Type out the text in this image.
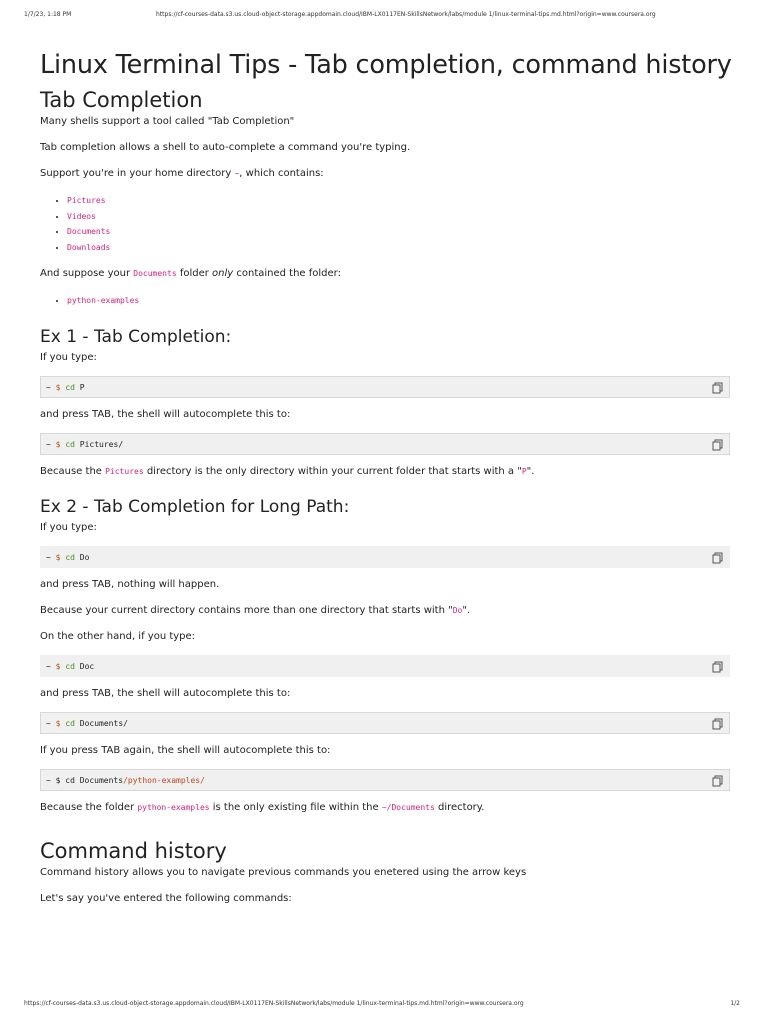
1/7/23, 1:18 PM	https://cf-courses-data.s3.us.cloud-object-storage.appdomain.cloud/IBM-LX0117EN-SkillsNetwork/labs/module 1/linux-terminal-tips.md.html?origin=www.coursera.org
Linux Terminal Tips - Tab completion, command history
Tab Completion

Many shells support a tool called "Tab Completion"

Tab completion allows a shell to auto-complete a command you're typing.

Support you're in your home directory ~, which contains:

• Pictures
• Videos
• Documents
• Downloads

And suppose your Documents folder only contained the folder:

• python-examples
Ex 1 - Tab Completion:

If you type:

~ $ cd P

and press TAB, the shell will autocomplete this to:

~ $ cd Pictures/

Because the Pictures directory is the only directory within your current folder that starts with a "P".

Ex 2 - Tab Completion for Long Path:

If you type:

~ $ cd Do

and press TAB, nothing will happen.

Because your current directory contains more than one directory that starts with "Do".

On the other hand, if you type:

~ $ cd Doc

and press TAB, the shell will autocomplete this to:

~ $ cd Documents/

If you press TAB again, the shell will autocomplete this to:

~ $ cd Documents/python-examples/

Because the folder python-examples is the only existing file within the ~/Documents directory.

Command history

Command history allows you to navigate previous commands you enetered using the arrow keys

Let's say you've entered the following commands:

https://cf-courses-data.s3.us.cloud-object-storage.appdomain.cloud/IBM-LX0117EN-SkillsNetwork/labs/module 1/linux-terminal-tips.md.html?origin=www.coursera.org	1/2
